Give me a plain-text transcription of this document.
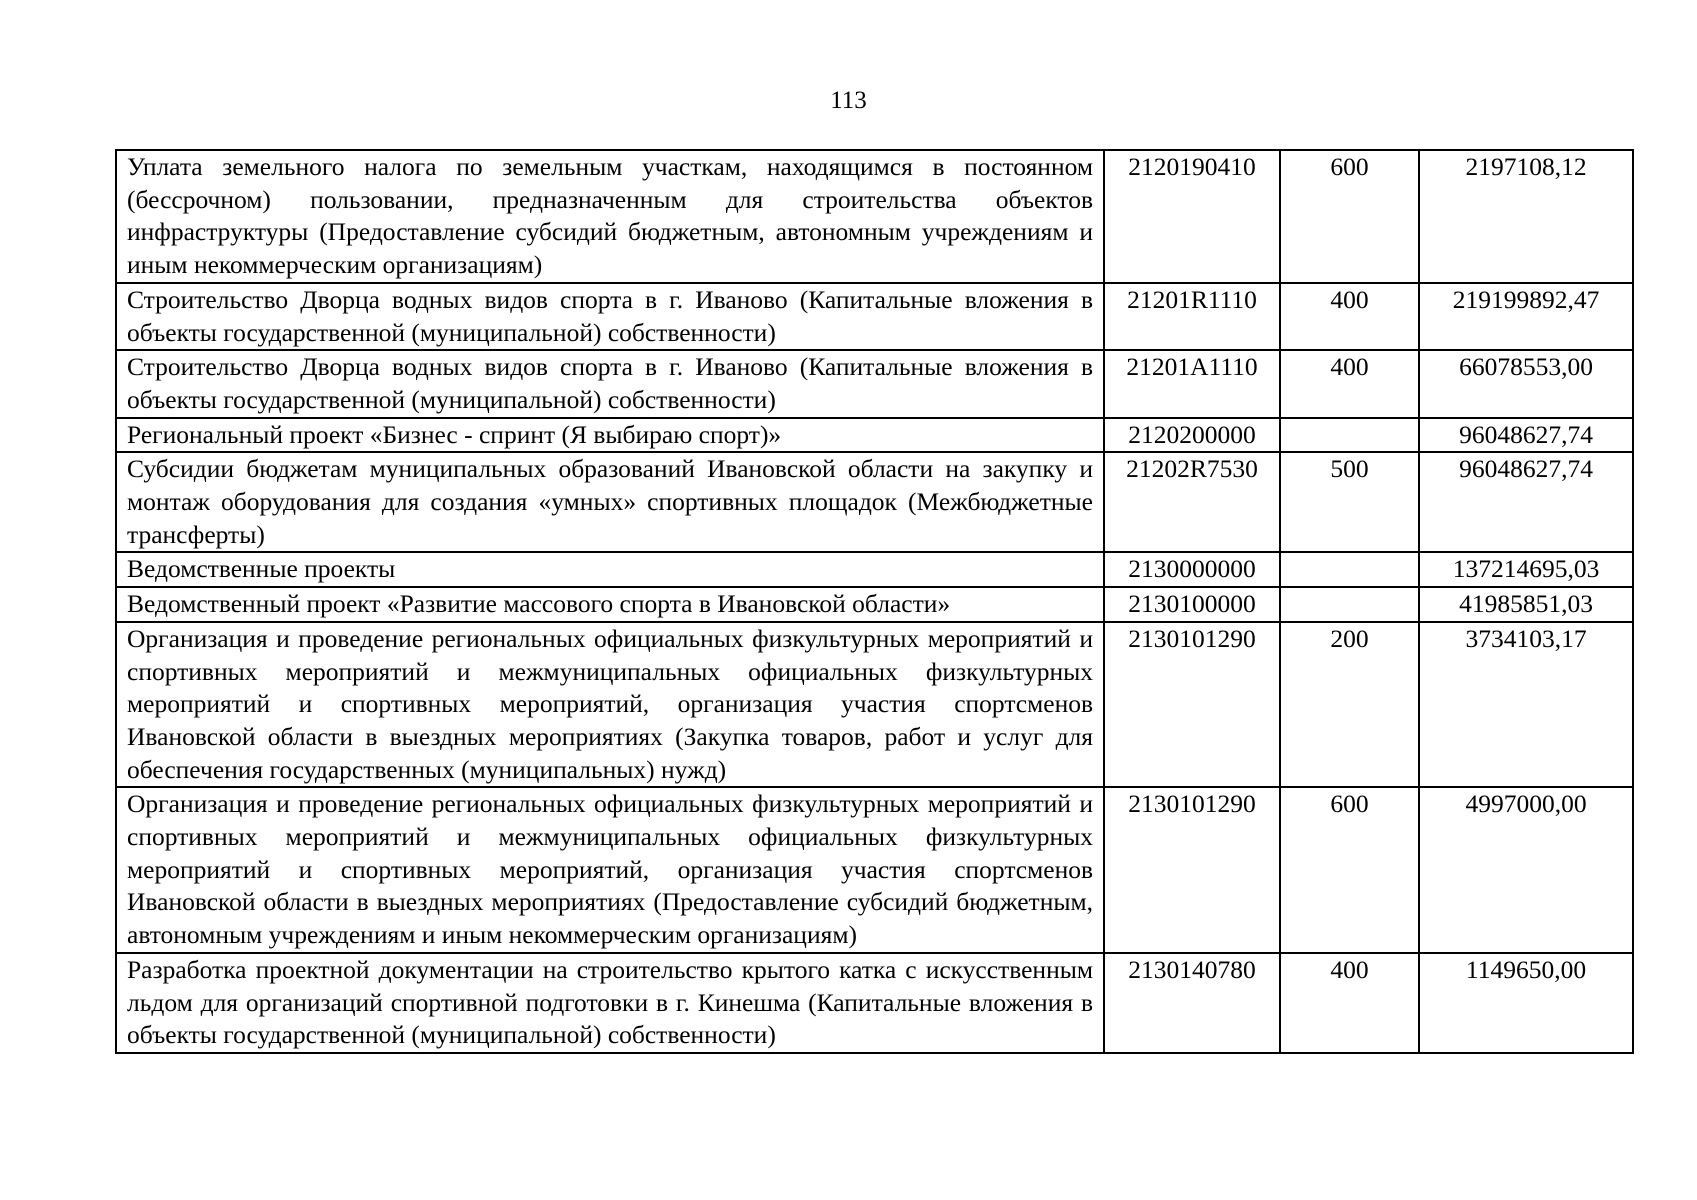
113
Уплата земельного налога по земельным участкам, находящимся в постоянном (бессрочном) пользовании, предназначенным для строительства объектов инфраструктуры (Предоставление субсидий бюджетным, автономным учреждениям и иным некоммерческим организациям)	2120190410	600	2197108,12
Строительство Дворца водных видов спорта в г. Иваново (Капитальные вложения в объекты государственной (муниципальной) собственности)	21201R1110	400	219199892,47
Строительство Дворца водных видов спорта в г. Иваново (Капитальные вложения в объекты государственной (муниципальной) собственности)	21201A1110	400	66078553,00
Региональный проект «Бизнес - спринт (Я выбираю спорт)»	2120200000		96048627,74
Субсидии бюджетам муниципальных образований Ивановской области на закупку и монтаж оборудования для создания «умных» спортивных площадок (Межбюджетные трансферты)	21202R7530	500	96048627,74
Ведомственные проекты	2130000000		137214695,03
Ведомственный проект «Развитие массового спорта в Ивановской области»	2130100000		41985851,03
Организация и проведение региональных официальных физкультурных мероприятий и спортивных мероприятий и межмуниципальных официальных физкультурных мероприятий и спортивных мероприятий, организация участия спортсменов Ивановской области в выездных мероприятиях (Закупка товаров, работ и услуг для обеспечения государственных (муниципальных) нужд)	2130101290	200	3734103,17
Организация и проведение региональных официальных физкультурных мероприятий и спортивных мероприятий и межмуниципальных официальных физкультурных мероприятий и спортивных мероприятий, организация участия спортсменов Ивановской области в выездных мероприятиях (Предоставление субсидий бюджетным, автономным учреждениям и иным некоммерческим организациям)	2130101290	600	4997000,00
Разработка проектной документации на строительство крытого катка с искусственным льдом для организаций спортивной подготовки в г. Кинешма (Капитальные вложения в объекты государственной (муниципальной) собственности)	2130140780	400	1149650,00
